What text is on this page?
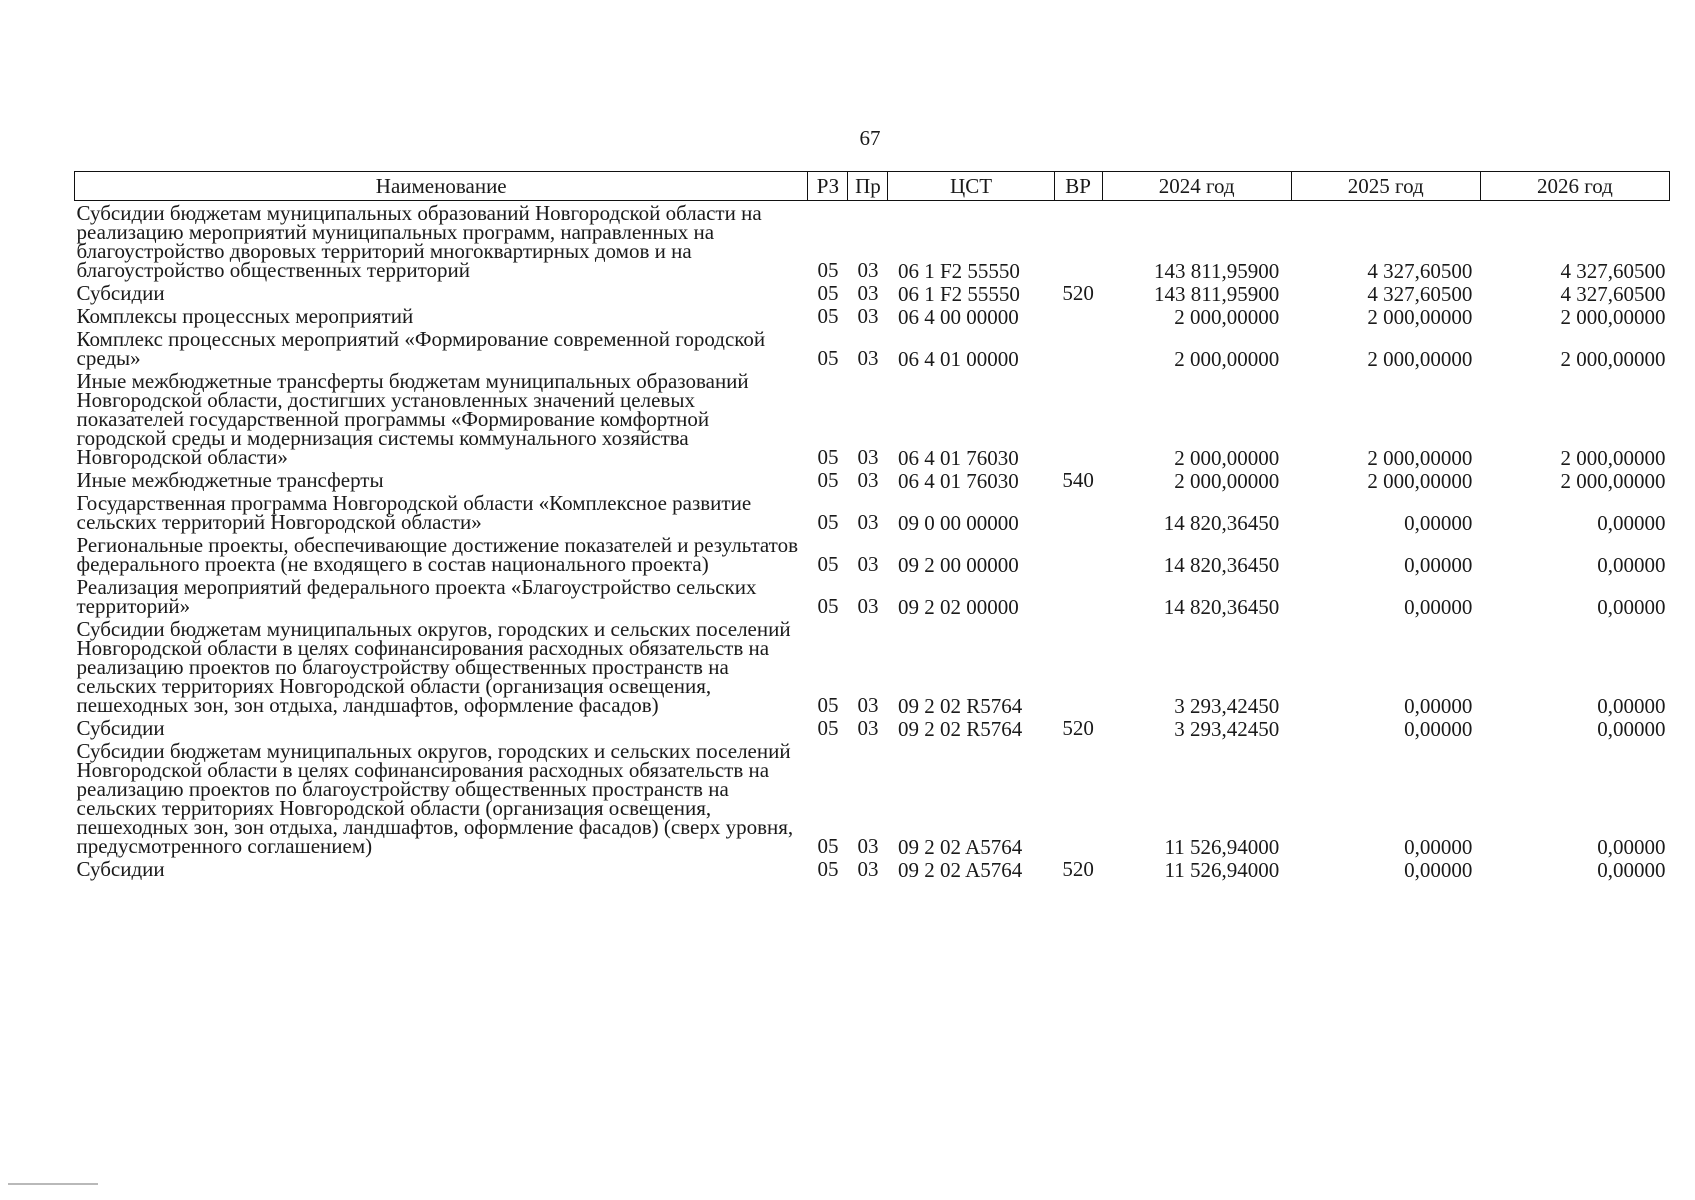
67
Наименование	РЗ	Пр	ЦСТ	ВР	2024 год	2025 год	2026 год
Субсидии бюджетам муниципальных образований Новгородской области на реализацию мероприятий муниципальных программ, направленных на благоустройство дворовых территорий многоквартирных домов и на благоустройство общественных территорий	05	03	06 1 F2 55550		143 811,95900	4 327,60500	4 327,60500
Субсидии	05	03	06 1 F2 55550	520	143 811,95900	4 327,60500	4 327,60500
Комплексы процессных мероприятий	05	03	06 4 00 00000		2 000,00000	2 000,00000	2 000,00000
Комплекс процессных мероприятий «Формирование современной городской среды»	05	03	06 4 01 00000		2 000,00000	2 000,00000	2 000,00000
Иные межбюджетные трансферты бюджетам муниципальных образований Новгородской области, достигших установленных значений целевых показателей государственной программы «Формирование комфортной городской среды и модернизация системы коммунального хозяйства Новгородской области»	05	03	06 4 01 76030		2 000,00000	2 000,00000	2 000,00000
Иные межбюджетные трансферты	05	03	06 4 01 76030	540	2 000,00000	2 000,00000	2 000,00000
Государственная программа Новгородской области «Комплексное развитие сельских территорий Новгородской области»	05	03	09 0 00 00000		14 820,36450	0,00000	0,00000
Региональные проекты, обеспечивающие достижение показателей и результатов федерального проекта (не входящего в состав национального проекта)	05	03	09 2 00 00000		14 820,36450	0,00000	0,00000
Реализация мероприятий федерального проекта «Благоустройство сельских территорий»	05	03	09 2 02 00000		14 820,36450	0,00000	0,00000
Субсидии бюджетам муниципальных округов, городских и сельских поселений Новгородской области в целях софинансирования расходных обязательств на реализацию проектов по благоустройству общественных пространств на сельских территориях Новгородской области (организация освещения, пешеходных зон, зон отдыха, ландшафтов, оформление фасадов)	05	03	09 2 02 R5764		3 293,42450	0,00000	0,00000
Субсидии	05	03	09 2 02 R5764	520	3 293,42450	0,00000	0,00000
Субсидии бюджетам муниципальных округов, городских и сельских поселений Новгородской области в целях софинансирования расходных обязательств на реализацию проектов по благоустройству общественных пространств на сельских территориях Новгородской области (организация освещения, пешеходных зон, зон отдыха, ландшафтов, оформление фасадов) (сверх уровня, предусмотренного соглашением)	05	03	09 2 02 A5764		11 526,94000	0,00000	0,00000
Субсидии	05	03	09 2 02 A5764	520	11 526,94000	0,00000	0,00000
